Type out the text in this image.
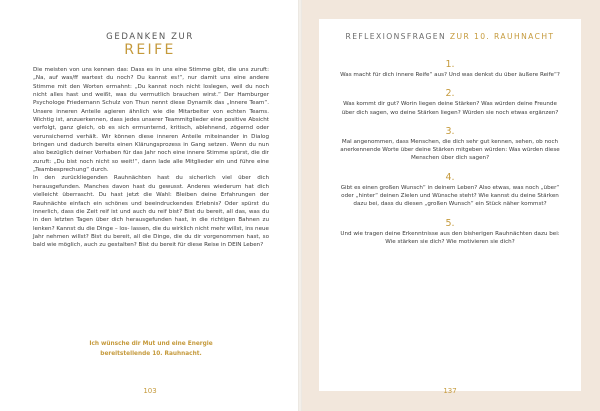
GEDANKEN ZUR
REIFE

Die meisten von uns kennen das: Dass es in uns eine Stimme gibt, die uns zuruft: „Na, auf was/ff wartest du noch? Du kannst es!“, nur damit uns eine andere Stimme mit den Worten ermahnt: „Du kannst noch nicht loslegen, weil du noch nicht alles hast und weißt, was du vermutlich brauchen wirst.“ Der Hamburger Psychologe Friedemann Schulz von Thun nennt diese Dynamik das „Innere Team“. Unsere inneren Anteile agieren ähnlich wie die Mitarbeiter von echten Teams. Wichtig ist, anzuerkennen, dass jedes unserer Teammitglieder eine positive Absicht verfolgt, ganz gleich, ob es sich ermunternd, kritisch, ablehnend, zögernd oder verunsichernd verhält. Wir können diese inneren Anteile miteinander in Dialog bringen und dadurch bereits einen Klärungsprozess in Gang setzen. Wenn du nun also bezüglich deiner Vorhaben für das Jahr noch eine innere Stimme spürst, die dir zuruft: „Du bist noch nicht so weit!“, dann lade alle Mitglieder ein und führe eine „Teambesprechung“ durch.

In den zurückliegenden Rauhnächten hast du sicherlich viel über dich herausgefunden. Manches davon hast du gewusst. Anderes wiederum hat dich vielleicht überrascht. Du hast jetzt die Wahl: Bleiben deine Erfahrungen der Rauhnächte einfach ein schönes und beeindruckendes Erlebnis? Oder spürst du innerlich, dass die Zeit reif ist und auch du reif bist? Bist du bereit, all das, was du in den letzten Tagen über dich herausgefunden hast, in die richtigen Bahnen zu lenken? Kannst du die Dinge – los- lassen, die du wirklich nicht mehr willst, ins neue Jahr nehmen willst? Bist du bereit, all die Dinge, die du dir vorgenommen hast, so bald wie möglich, auch zu gestalten? Bist du bereit für diese Reise in DEIN Leben?

Ich wünsche dir Mut und eine Energie
bereitstellende 10. Rauhnacht.
103
REFLEXIONSFRAGEN ZUR 10. RAUHNACHT
1.
Was macht für dich innere Reife“ aus? Und was denkst du über äußere Reife“?
2.
Was kommt dir gut? Worin liegen deine Stärken? Was würden deine Freunde über dich sagen, wo deine Stärken liegen? Würden sie noch etwas ergänzen?
3.
Mal angenommen, dass Menschen, die dich sehr gut kennen, sehen, ob noch anerkennende Worte über deine Stärken mitgeben würden: Was würden diese Menschen über dich sagen?
4.
Gibt es einen großen Wunsch“ in deinem Leben? Also etwas, was noch „über“ oder „hinter“ deinen Zielen und Wünsche steht? Wie kannst du deine Stärken dazu bei, dass du diesen „großen Wunsch“ ein Stück näher kommst?
5.
Und wie tragen deine Erkenntnisse aus den bisherigen Rauhnächten dazu bei: Wie stärken sie dich? Wie motivieren sie dich?
137
